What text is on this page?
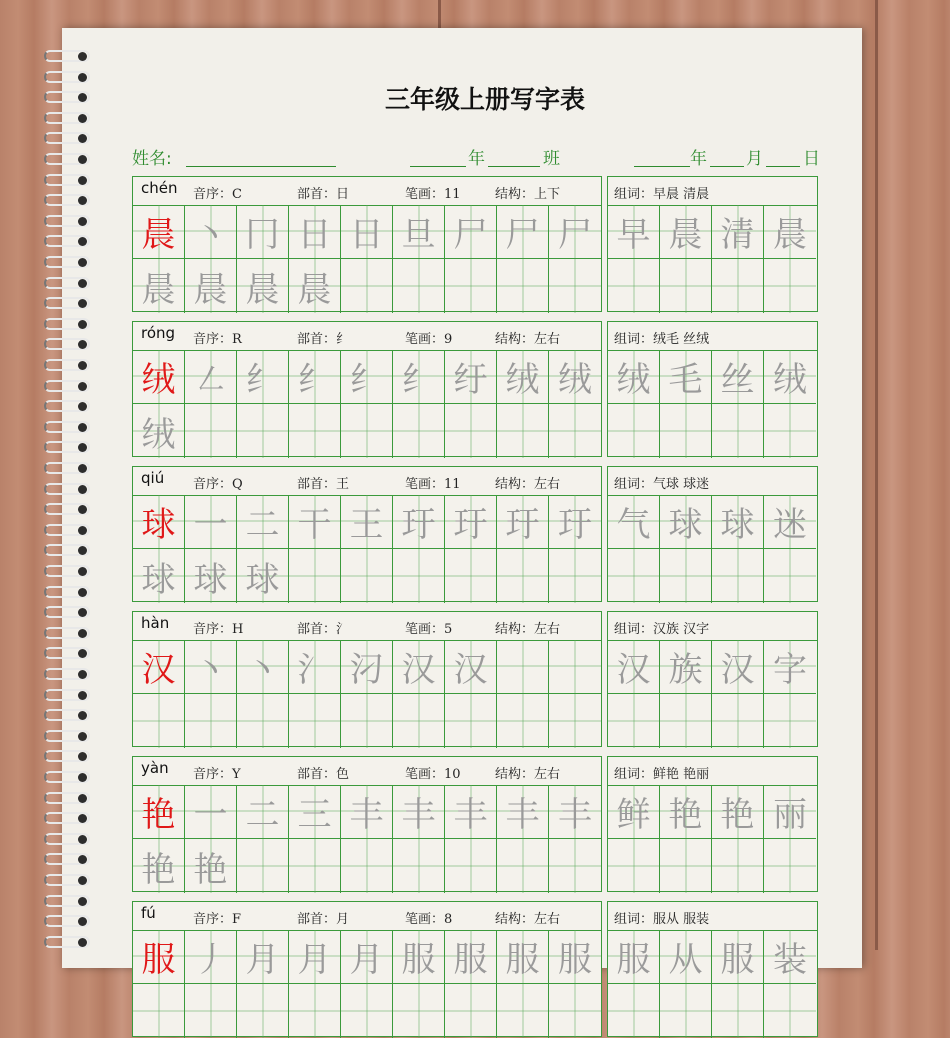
三年级上册写字表
姓名:	年	班	年 月 日
chén 音序：C	部首：日	笔画：11	结构：上下
晨 丶 冂 日 日 旦 尸 尸 尸
晨 晨 晨 晨
组词：早晨 清晨
早 晨 清 晨
róng 音序：R	部首：纟	笔画：9	结构：左右
绒 ㇜ 纟 纟 纟 纟 纡 绒 绒
绒
组词：绒毛 丝绒
绒 毛 丝 绒
qiú 音序：Q	部首：王	笔画：11	结构：左右
球 一 二 干 王 玗 玗 玗 玗
球 球 球
组词：气球 球迷
气 球 球 迷
hàn 音序：H	部首：氵	笔画：5	结构：左右
汉 丶 丶 氵 汈 汉 汉
组词：汉族 汉字
汉 族 汉 字
yàn 音序：Y	部首：色	笔画：10	结构：左右
艳 一 二 三 丰 丰 丰 丰 丰
艳 艳
组词：鲜艳 艳丽
鲜 艳 艳 丽
fú	音序：F	部首：月	笔画：8	结构：左右
服 丿 月 月 月 服 服 服 服
组词：服从 服装
服 从 服 装
